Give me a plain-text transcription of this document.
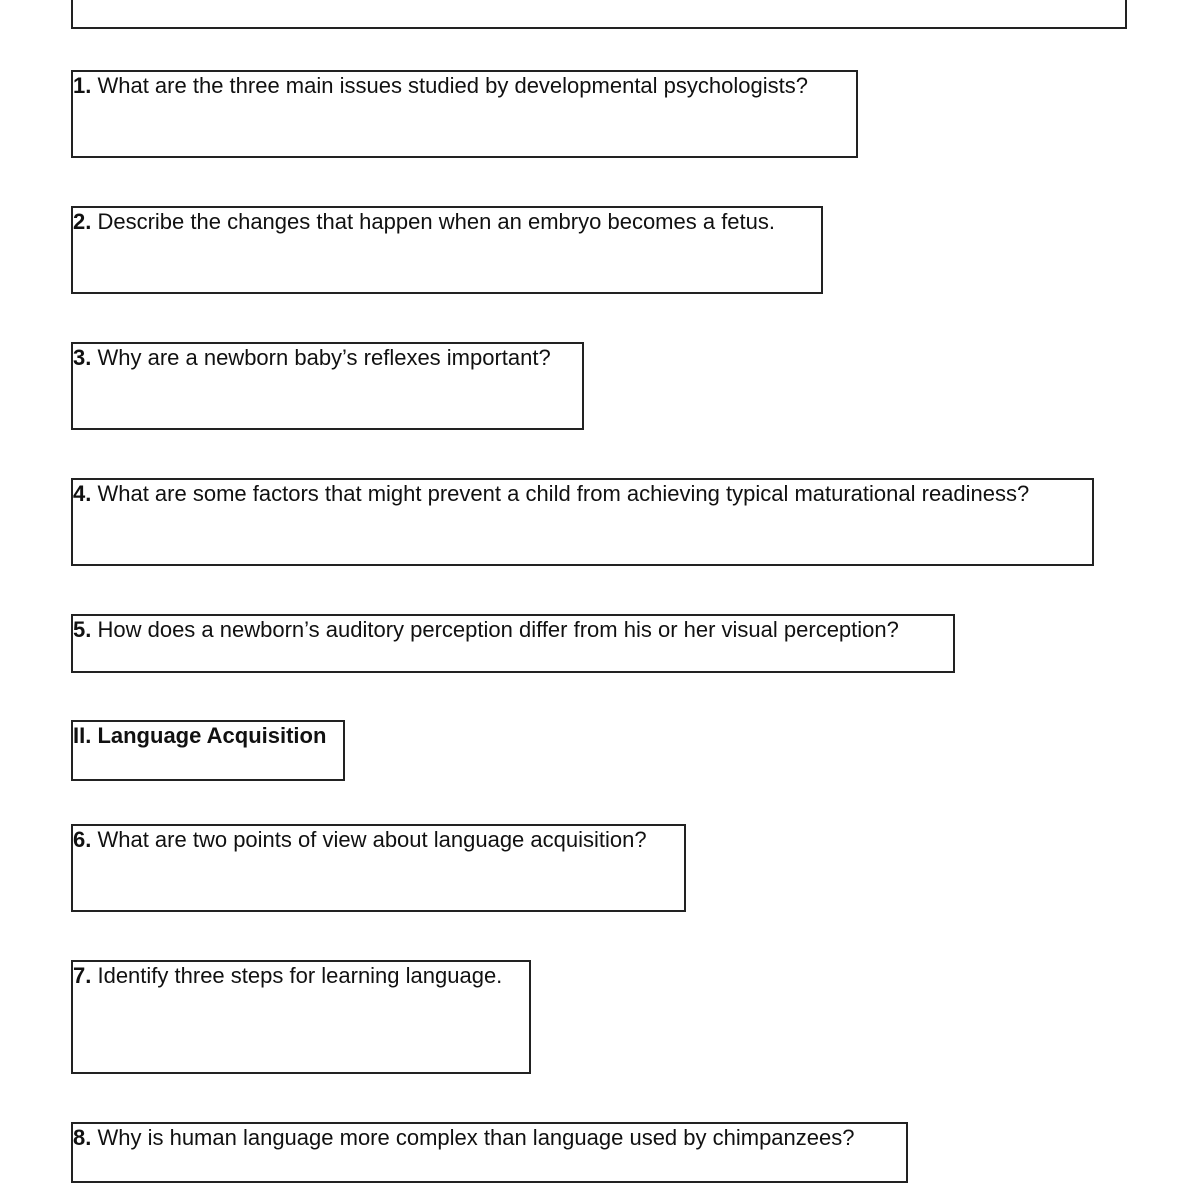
1. What are the three main issues studied by developmental psychologists?
2. Describe the changes that happen when an embryo becomes a fetus.
3. Why are a newborn baby’s reflexes important?
4. What are some factors that might prevent a child from achieving typical maturational readiness?
5. How does a newborn’s auditory perception differ from his or her visual perception?
II. Language Acquisition
6. What are two points of view about language acquisition?
7. Identify three steps for learning language.
8. Why is human language more complex than language used by chimpanzees?
